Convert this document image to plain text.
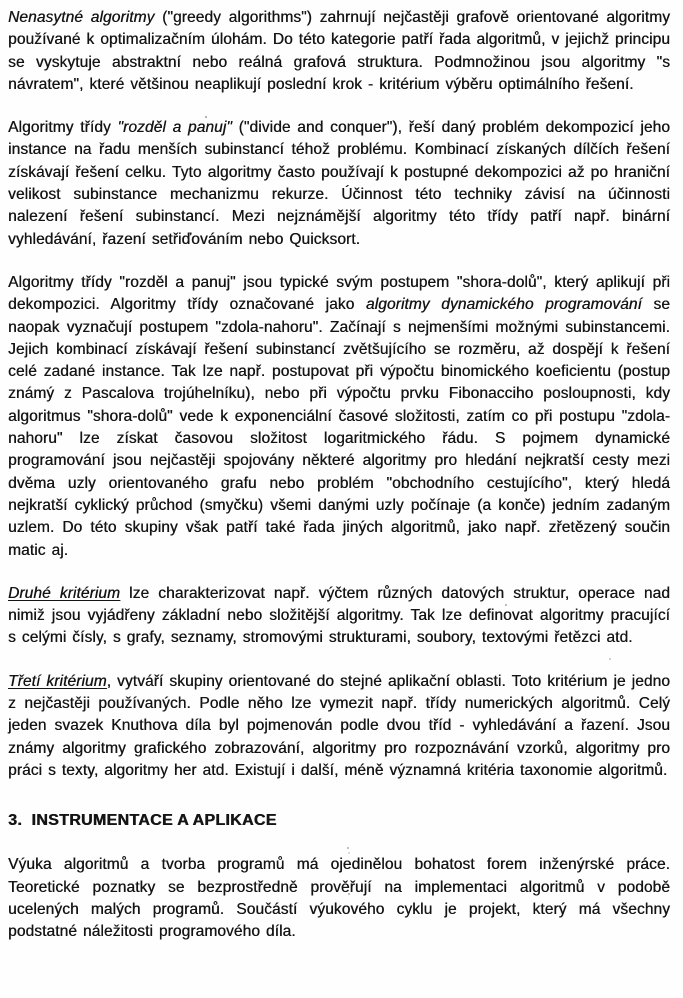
Nenasytné algoritmy ("greedy algorithms") zahrnují nejčastěji grafově orientované algoritmy používané k optimalizačním úlohám. Do této kategorie patří řada algoritmů, v jejichž principu se vyskytuje abstraktní nebo reálná grafová struktura. Podmnožinou jsou algoritmy "s návratem", které většinou neaplikují poslední krok - kritérium výběru optimálního řešení.

Algoritmy třídy "rozděl a panuj" ("divide and conquer"), řeší daný problém dekompozicí jeho instance na řadu menších subinstancí téhož problému. Kombinací získaných dílčích řešení získávají řešení celku. Tyto algoritmy často používají k postupné dekompozici až po hraniční velikost subinstance mechanizmu rekurze. Účinnost této techniky závisí na účinnosti nalezení řešení subinstancí. Mezi nejznámější algoritmy této třídy patří např. binární vyhledávání, řazení setřiďováním nebo Quicksort.

Algoritmy třídy "rozděl a panuj" jsou typické svým postupem "shora-dolů", který aplikují při dekompozici. Algoritmy třídy označované jako algoritmy dynamického programování se naopak vyznačují postupem "zdola-nahoru". Začínají s nejmenšími možnými subinstancemi. Jejich kombinací získávají řešení subinstancí zvětšujícího se rozměru, až dospějí k řešení celé zadané instance. Tak lze např. postupovat při výpočtu binomického koeficientu (postup známý z Pascalova trojúhelníku), nebo při výpočtu prvku Fibonacciho posloupnosti, kdy algoritmus "shora-dolů" vede k exponenciální časové složitosti, zatím co při postupu "zdola-nahoru" lze získat časovou složitost logaritmického řádu. S pojmem dynamické programování jsou nejčastěji spojovány některé algoritmy pro hledání nejkratší cesty mezi dvěma uzly orientovaného grafu nebo problém "obchodního cestujícího", který hledá nejkratší cyklický průchod (smyčku) všemi danými uzly počínaje (a konče) jedním zadaným uzlem. Do této skupiny však patří také řada jiných algoritmů, jako např. zřetězený součin matic aj.

Druhé kritérium lze charakterizovat např. výčtem různých datových struktur, operace nad nimiž jsou vyjádřeny základní nebo složitější algoritmy. Tak lze definovat algoritmy pracující s celými čísly, s grafy, seznamy, stromovými strukturami, soubory, textovými řetězci atd.

Třetí kritérium, vytváří skupiny orientované do stejné aplikační oblasti. Toto kritérium je jedno z nejčastěji používaných. Podle něho lze vymezit např. třídy numerických algoritmů. Celý jeden svazek Knuthova díla byl pojmenován podle dvou tříd - vyhledávání a řazení. Jsou známy algoritmy grafického zobrazování, algoritmy pro rozpoznávání vzorků, algoritmy pro práci s texty, algoritmy her atd. Existují i další, méně významná kritéria taxonomie algoritmů.

3.  INSTRUMENTACE A APLIKACE

Výuka algoritmů a tvorba programů má ojedinělou bohatost forem inženýrské práce. Teoretické poznatky se bezprostředně prověřují na implementaci algoritmů v podobě ucelených malých programů. Součástí výukového cyklu je projekt, který má všechny podstatné náležitosti programového díla.
